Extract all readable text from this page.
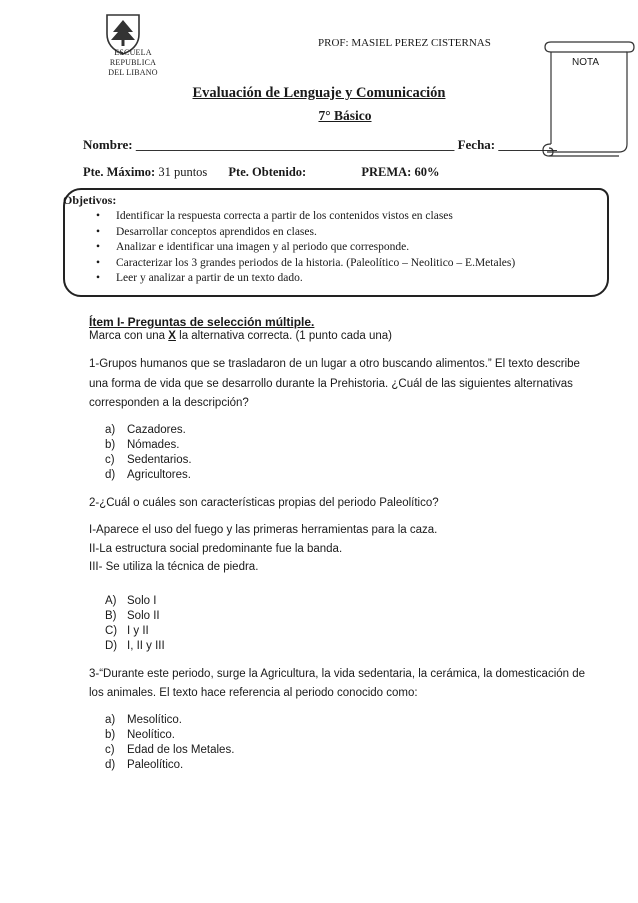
ESCUELA REPUBLICA
DEL LIBANO
PROF: MASIEL PEREZ CISTERNAS
NOTA
Evaluación de Lenguaje y Comunicación
7° Básico
Nombre: _________________________________________________ Fecha: _________
Pte. Máximo: 31 puntos Pte. Obtenido:	PREMA: 60%
Objetivos:
• Identificar la respuesta correcta a partir de los contenidos vistos en clases
• Desarrollar conceptos aprendidos en clases.
• Analizar e identificar una imagen y al periodo que corresponde.
• Caracterizar los 3 grandes periodos de la historia. (Paleolítico – Neolitico – E.Metales)
• Leer y analizar a partir de un texto dado.
Ítem I- Preguntas de selección múltiple.
Marca con una X la alternativa correcta. (1 punto cada una)
1-Grupos humanos que se trasladaron de un lugar a otro buscando alimentos.” El texto describe
una forma de vida que se desarrollo durante la Prehistoria. ¿Cuál de las siguientes alternativas
corresponden a la descripción?
a) Cazadores.
b) Nómades.
c) Sedentarios.
d) Agricultores.
2-¿Cuál o cuáles son características propias del periodo Paleolítico?
I-Aparece el uso del fuego y las primeras herramientas para la caza.
II-La estructura social predominante fue la banda.
III- Se utiliza la técnica de piedra.
A) Solo I
B) Solo II
C) I y II
D) I, II y III
3-“Durante este periodo, surge la Agricultura, la vida sedentaria, la cerámica, la domesticación de
los animales. El texto hace referencia al periodo conocido como:
a) Mesolítico.
b) Neolítico.
c) Edad de los Metales.
d) Paleolítico.
